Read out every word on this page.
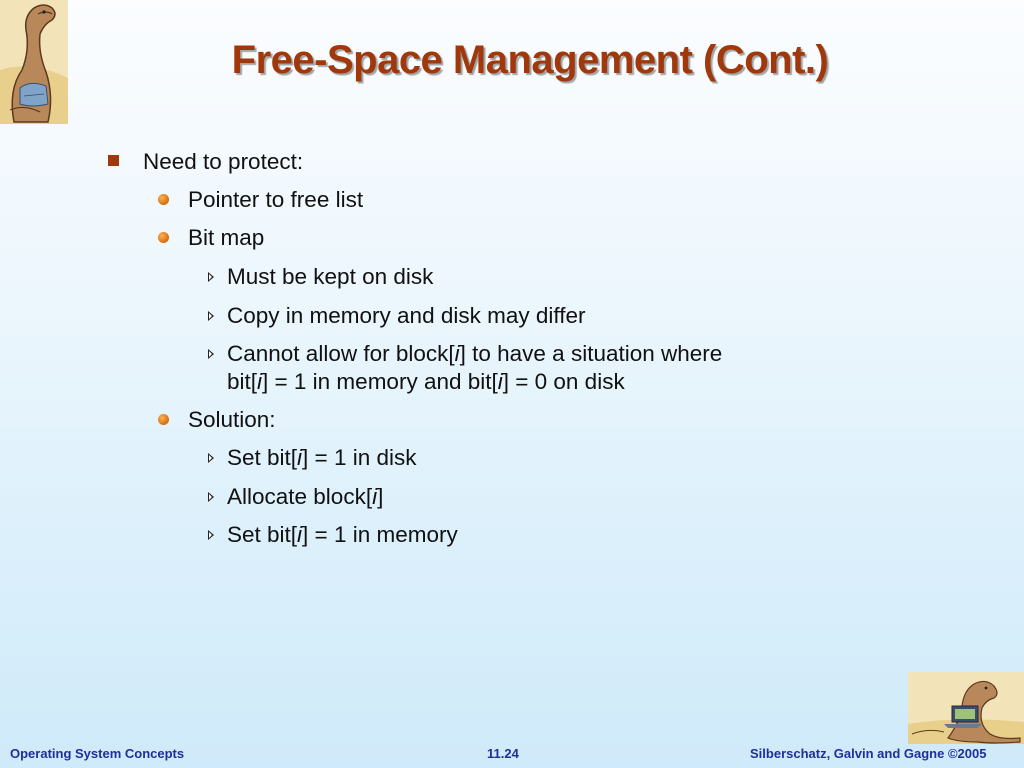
Free-Space Management (Cont.)
Need to protect:
Pointer to free list
Bit map
Must be kept on disk
Copy in memory and disk may differ
Cannot allow for block[i] to have a situation where
bit[i] = 1 in memory and bit[i] = 0 on disk
Solution:
Set bit[i] = 1 in disk
Allocate block[i]
Set bit[i] = 1 in memory
Operating System Concepts	11.24	Silberschatz, Galvin and Gagne ©2005
